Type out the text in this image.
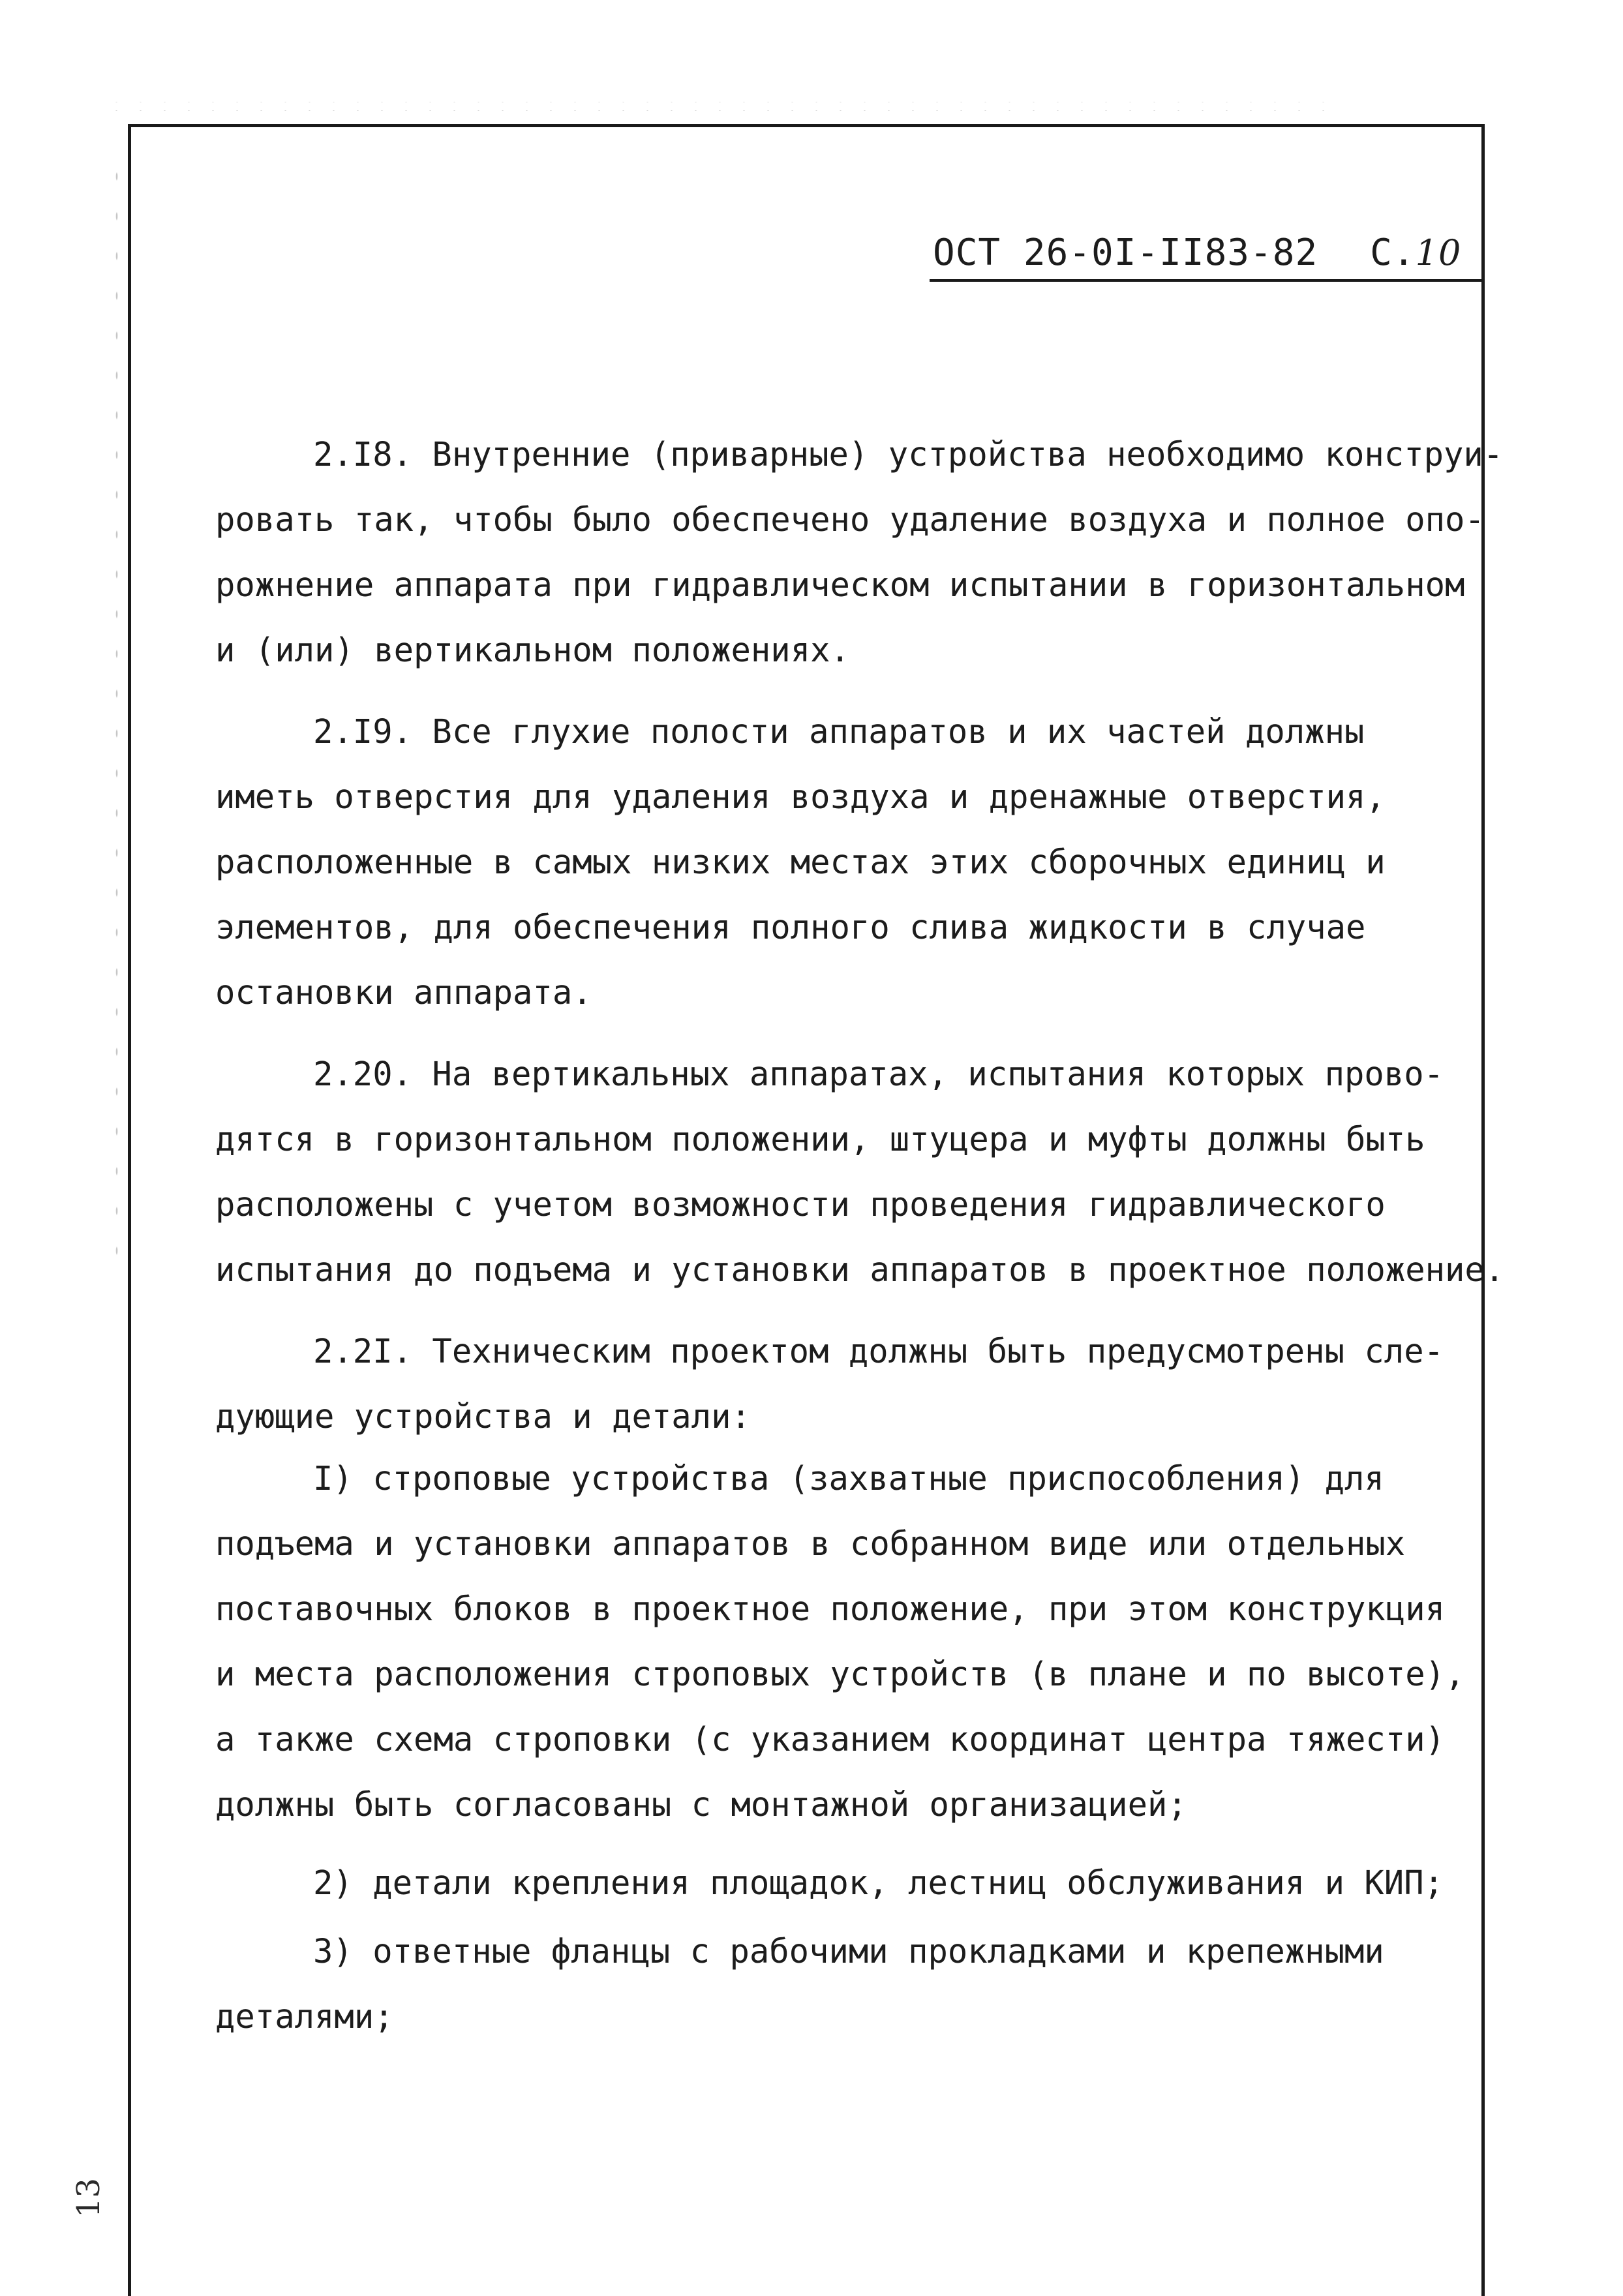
ОСТ 26-0I-II83-82 С.10
2.I8. Внутренние (приварные) устройства необходимо конструи-
ровать так, чтобы было обеспечено удаление воздуха и полное опо-
рожнение аппарата при гидравлическом испытании в горизонтальном
и (или) вертикальном положениях.
2.I9. Все глухие полости аппаратов и их частей должны
иметь отверстия для удаления воздуха и дренажные отверстия,
расположенные в самых низких местах этих сборочных единиц и
элементов, для обеспечения полного слива жидкости в случае
остановки аппарата.
2.20. На вертикальных аппаратах, испытания которых прово-
дятся в горизонтальном положении, штуцера и муфты должны быть
расположены с учетом возможности проведения гидравлического
испытания до подъема и установки аппаратов в проектное положение.
2.2I. Техническим проектом должны быть предусмотрены сле-
дующие устройства и детали:
I) строповые устройства (захватные приспособления) для
подъема и установки аппаратов в собранном виде или отдельных
поставочных блоков в проектное положение, при этом конструкция
и места расположения строповых устройств (в плане и по высоте),
а также схема строповки (с указанием координат центра тяжести)
должны быть согласованы с монтажной организацией;
2) детали крепления площадок, лестниц обслуживания и КИП;
3) ответные фланцы с рабочими прокладками и крепежными
деталями;
13
